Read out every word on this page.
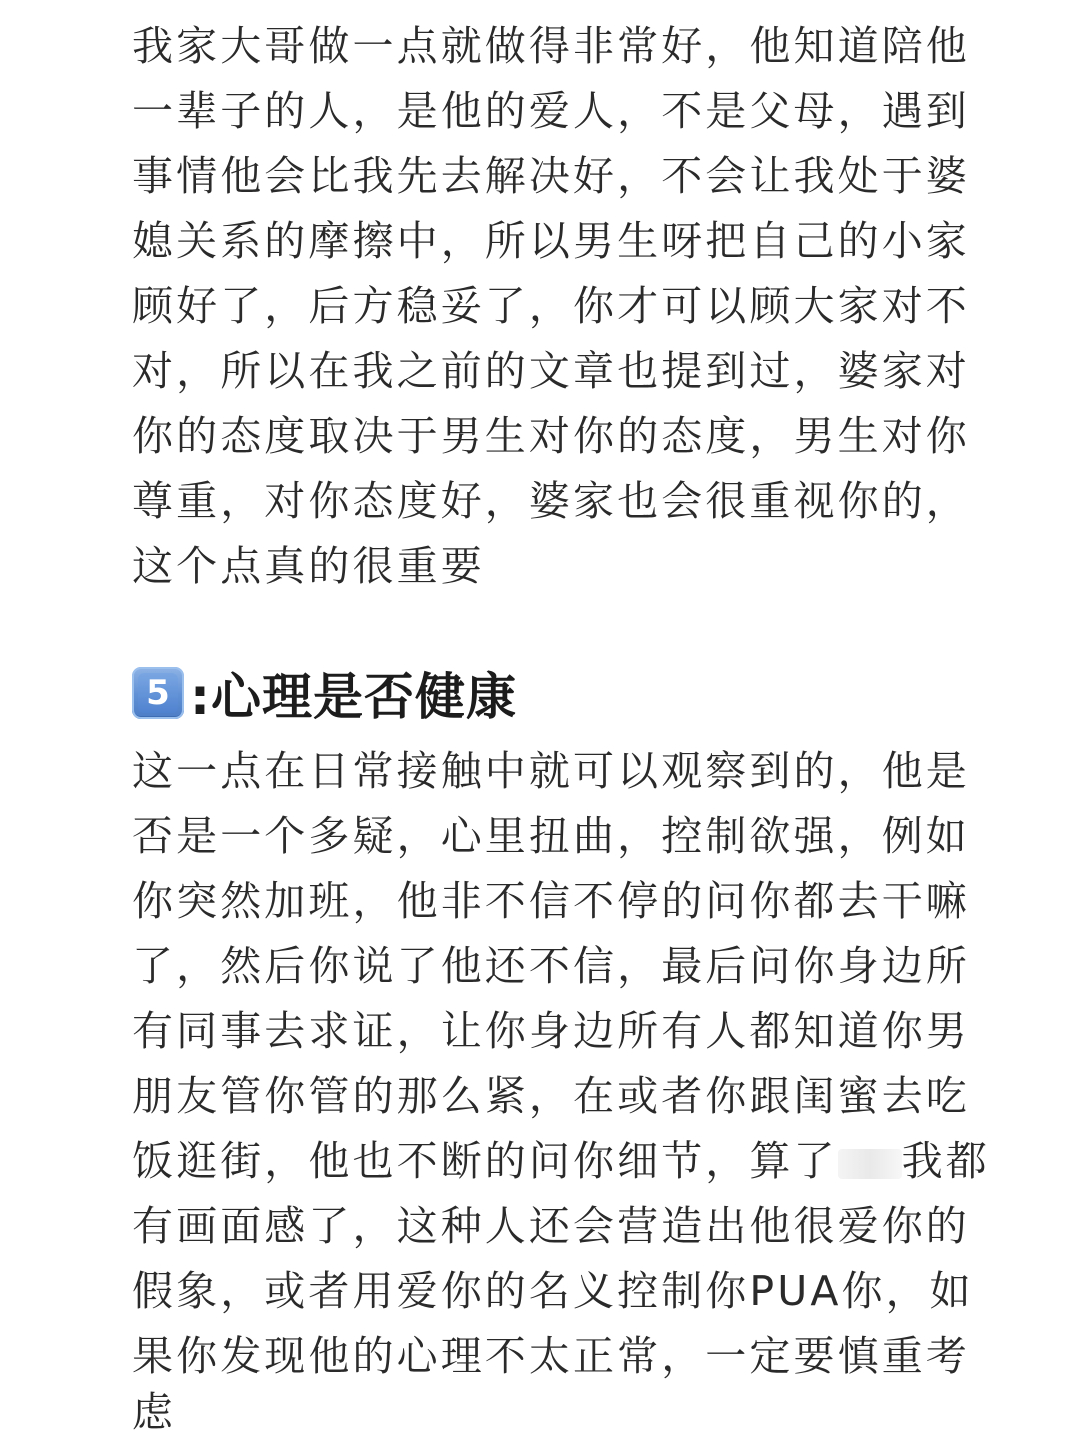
我家大哥做一点就做得非常好，他知道陪他
一辈子的人，是他的爱人，不是父母，遇到
事情他会比我先去解决好，不会让我处于婆
媳关系的摩擦中，所以男生呀把自己的小家
顾好了，后方稳妥了，你才可以顾大家对不
对，所以在我之前的文章也提到过，婆家对
你的态度取决于男生对你的态度，男生对你
尊重，对你态度好，婆家也会很重视你的，
这个点真的很重要
5 :心理是否健康
这一点在日常接触中就可以观察到的，他是
否是一个多疑，心里扭曲，控制欲强，例如
你突然加班，他非不信不停的问你都去干嘛
了，然后你说了他还不信，最后问你身边所
有同事去求证，让你身边所有人都知道你男
朋友管你管的那么紧，在或者你跟闺蜜去吃
饭逛街，他也不断的问你细节，算了 我都
有画面感了，这种人还会营造出他很爱你的
假象，或者用爱你的名义控制你PUA你，如
果你发现他的心理不太正常，一定要慎重考
虑
